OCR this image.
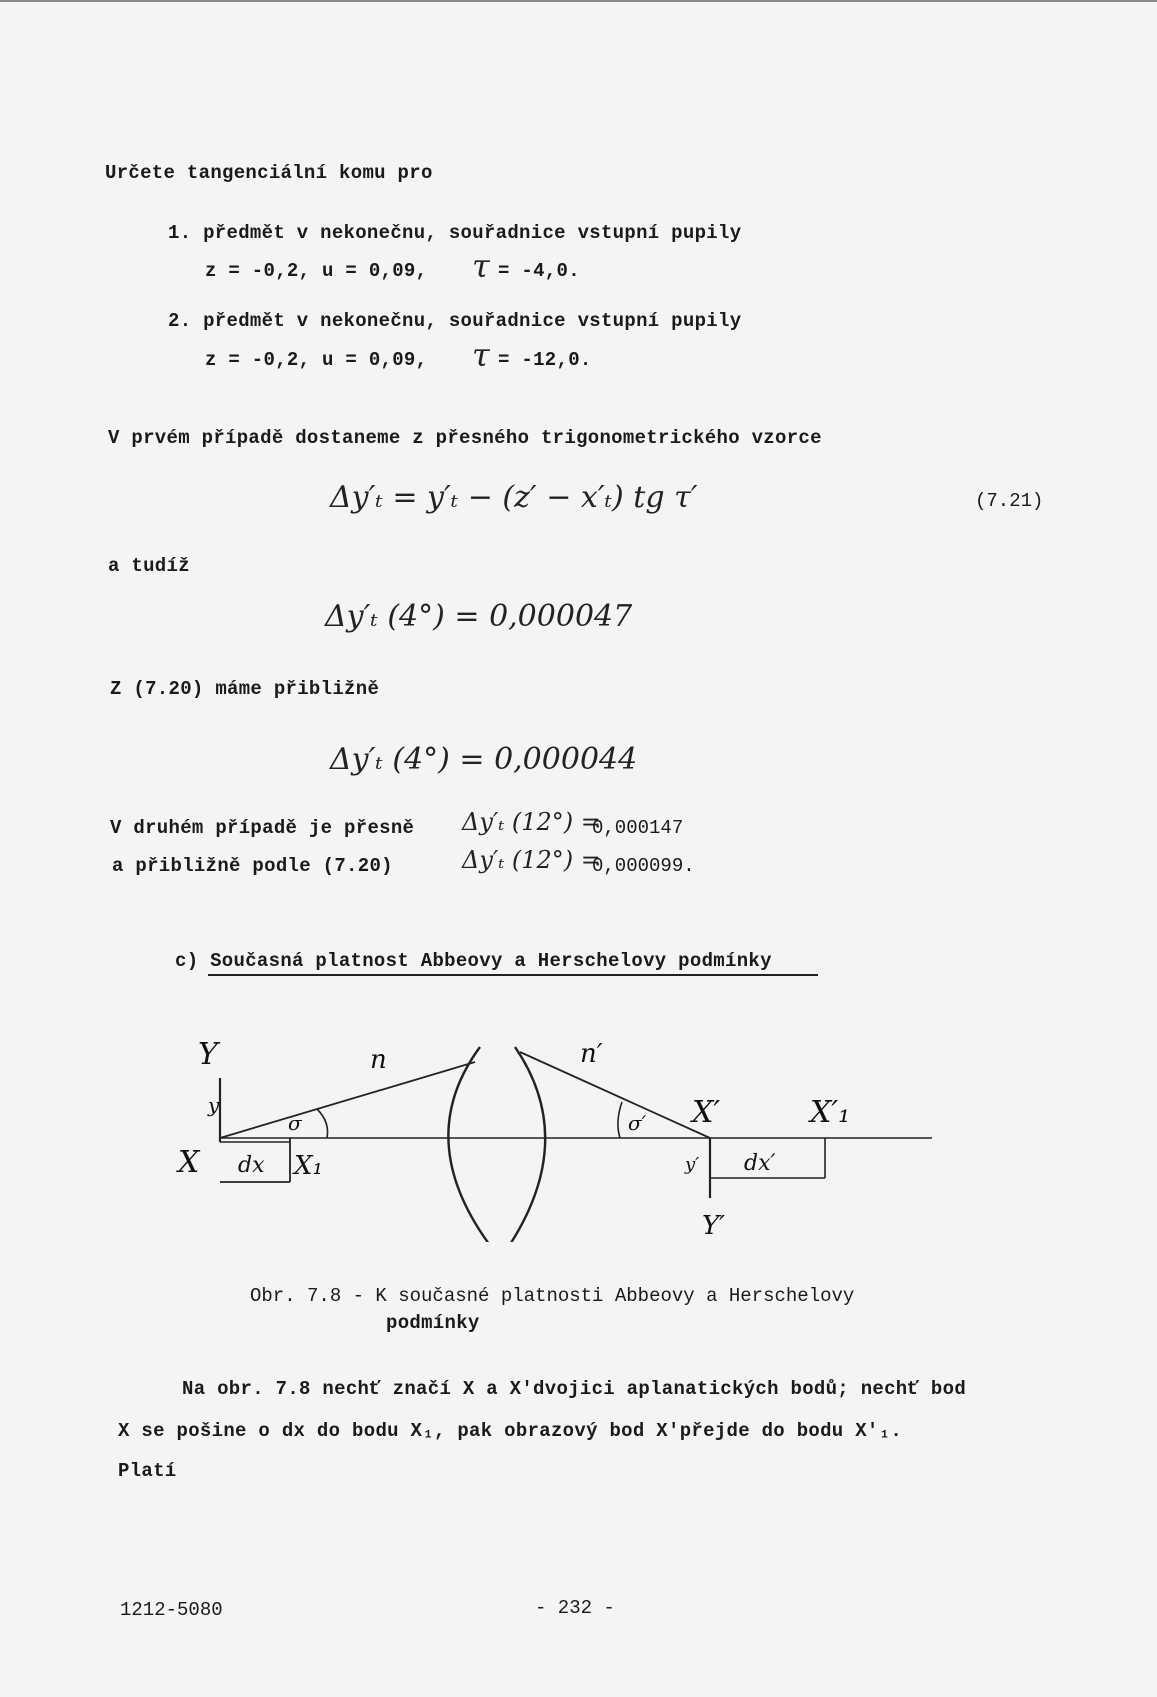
Určete tangenciální komu pro
1. předmět v nekonečnu, souřadnice vstupní pupily
z = -0,2, u = 0,09, τ = -4,0.
2. předmět v nekonečnu, souřadnice vstupní pupily
z = -0,2, u = 0,09, τ = -12,0.
V prvém případě dostaneme z přesného trigonometrického vzorce
Δy′ₜ = y′ₜ − (z′ − x′ₜ) tg τ′	(7.21)
a tudíž
Δy′ₜ (4°) = 0,000047
Z (7.20) máme přibližně
Δy′ₜ (4°) = 0,000044
V druhém případě je přesně Δy′ₜ (12°) =
0,000147
a přibližně podle (7.20)	Δy′ₜ (12°) =
0,000099.
c) Současná platnost Abbeovy a Herschelovy podmínky
Y
y
X dx X₁
σ
n	n′
σ′ X′	X′₁
y′ dx′
Y′
Obr. 7.8 - K současné platnosti Abbeovy a Herschelovy
podmínky
Na obr. 7.8 nechť značí X a X′dvojici aplanatických bodů; nechť bod
X se pošine o dx do bodu X₁, pak obrazový bod X′přejde do bodu X′₁.
Platí
1212-5080	- 232 -
